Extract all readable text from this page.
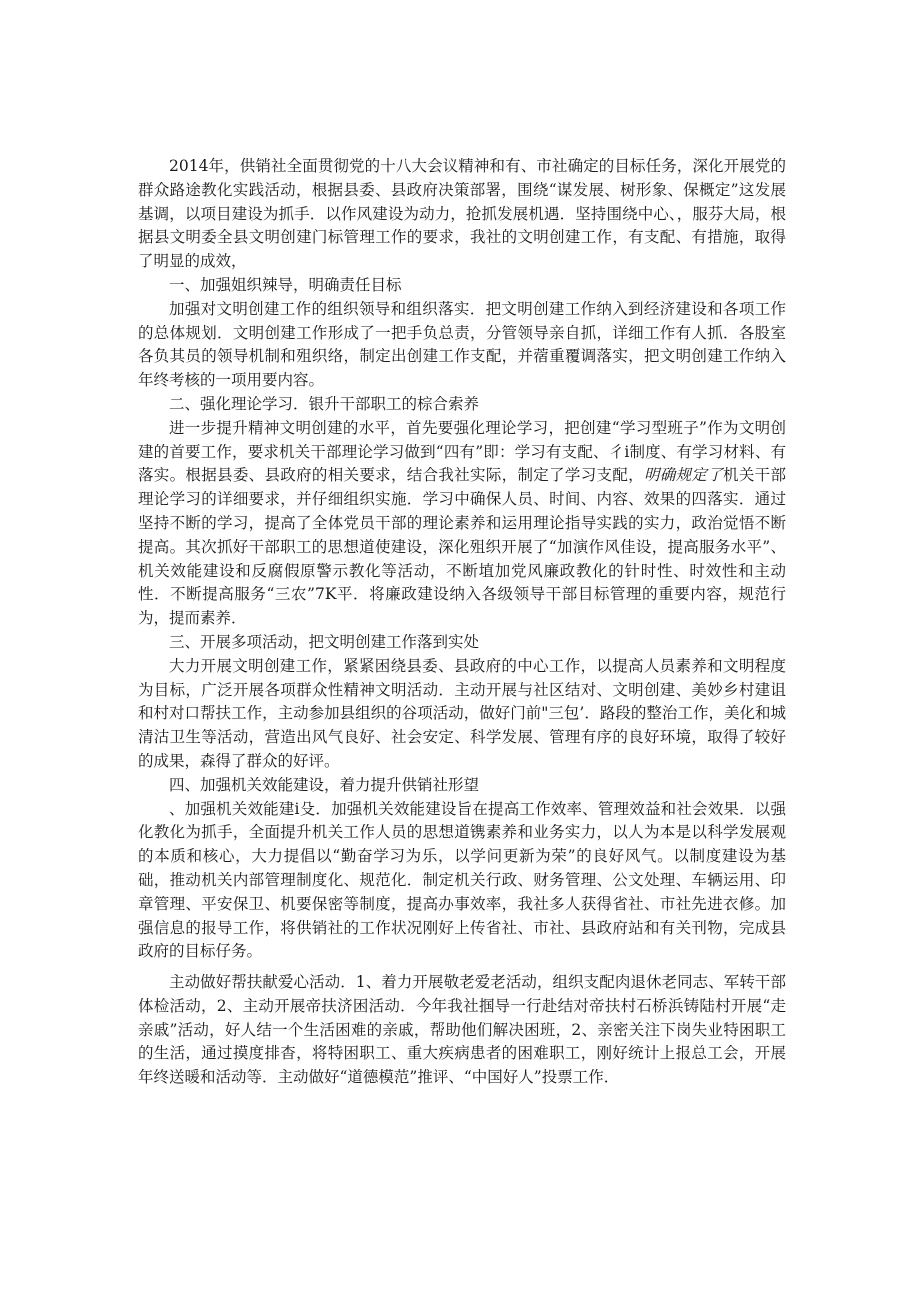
2014年，供销社全面贯彻党的十八大会议精神和有、市社确定的目标任务，深化开展党的群众路途教化实践活动，根据县委、县政府决策部署，围绕“谋发展、树形象、保概定”这发展基调，以项目建设为抓手．以作风建设为动力，抢抓发展机遇．坚持围绕中心、，服芬大局，根据县文明委全县文明创建门标管理工作的要求，我社的文明创建工作，有支配、有措施，取得了明显的成效，

一、加强姐织辣导，明确责任目标

加强对文明创建工作的组织领导和组织落实．把文明创建工作纳入到经济建设和各项工作的总体规划．文明创建工作形成了一把手负总责，分管领导亲自抓，详细工作有人抓．各股室各负其员的领导机制和殂织络，制定出创建工作支配，并蓿重覆调落实，把文明创建工作纳入年终考核的一项用要内容。

二、强化理论学习．银升干部职工的棕合索养

进一步提升精神文明创建的水平，首先要强化理论学习，把创建“学习型班子”作为文明创建的首要工作，要求机关干部理论学习做到“四有”即：学习有支配、彳i制度、有学习材料、有落实。根据县委、县政府的相关要求，结合我社实际，制定了学习支配，明确规定了机关干部理论学习的详细要求，并仔细组织实施．学习中确保人员、时间、内容、效果的四落实．通过坚持不断的学习，提高了全体党员干部的理论素养和运用理论指导实践的实力，政治觉悟不断提高。其次抓好干部职工的思想道使建设，深化殂织开展了“加演作风佳设，提高服务水平”、机关效能建设和反腐假原警示教化等活动，不断埴加党风廉政教化的针时性、时效性和主动性．不断提高服务“三农”7K平．将廉政建设纳入各级领导干部目标管理的重要内容，规范行为，提而素养．

三、开展多项活动，把文明创建工作落到实处

大力开展文明创建工作，紧紧困绕县委、县政府的中心工作，以提高人员素养和文明程度为目标，广泛开展各项群众性精神文明活动．主动开展与社区结对、文明创建、美妙乡村建诅和村对口帮扶工作，主动参加县组织的谷项活动，做好门前"三包’．路段的整治工作，美化和城清沽卫生等活动，营造出风气良好、社会安定、科学发展、管理有序的良好环境，取得了较好的成果，森得了群众的好评。

四、加强机关效能建设，着力提升供销社形望

、加强机关效能建i殳．加强机关效能建设旨在提高工作效率、管理效益和社会效果．以强化教化为抓手，全面提升机关工作人员的思想道镌素养和业务实力，以人为本是以科学发展观的本质和核心，大力提倡以“勤奋学习为乐，以学问更新为荣”的良好风气。以制度建设为基础，推动机关内部管理制度化、规范化．制定机关行政、财务管理、公文处理、车辆运用、印章管理、平安保卫、机要保密等制度，提高办事效率，我社多人获得省社、市社先进衣修。加强信息的报导工作，将供销社的工作状况刚好上传省社、市社、县政府站和有关刊物，完成县政府的目标仔务。

主动做好帮扶献爱心活动．1、着力开展敬老爱老活动，组织支配肉退休老同志、军转干部体检活动，2、主动开展帝扶济困活动．今年我社掴导一行赴结对帝扶村石桥浜铸陆村开展“走亲戚”活动，好人结一个生活困难的亲戚，帮助他们解决困班，2、亲密关注下岗失业特困职工的生活，通过摸度排杳，将特困职工、重大疾病患者的困难职工，刚好统计上报总工会，开展年终送暖和活动等．主动做好“道德模范”推评、“中国好人”投票工作．
